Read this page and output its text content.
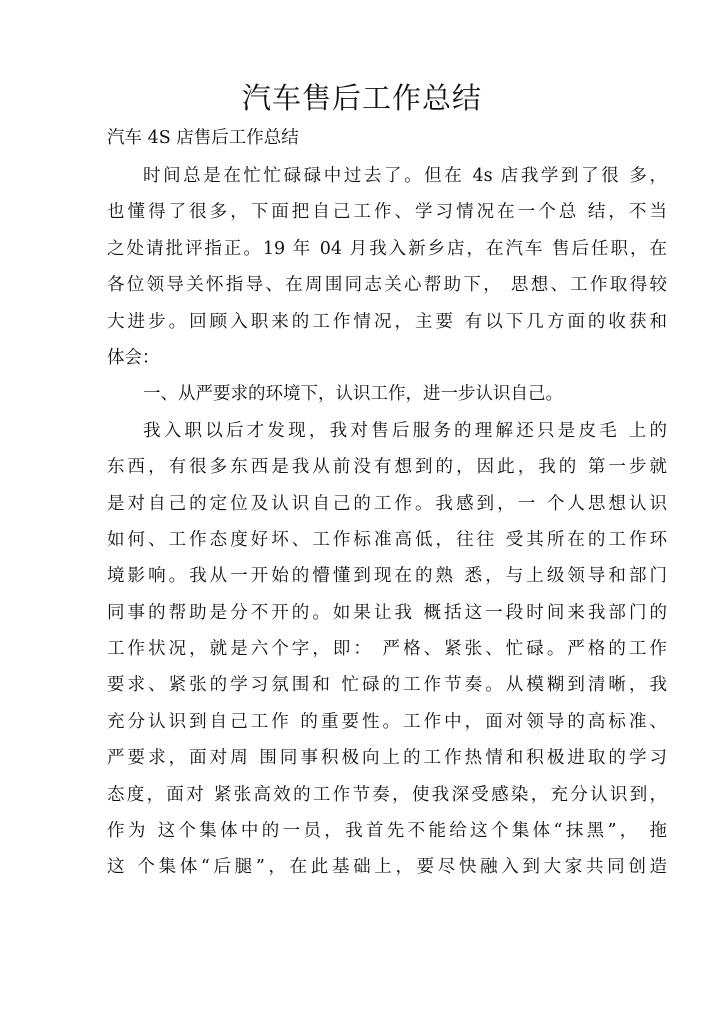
汽车售后工作总结
汽车 4S 店售后工作总结
时间总是在忙忙碌碌中过去了。但在 4s 店我学到了很 多，
也懂得了很多，下面把自己工作、学习情况在一个总 结，不当
之处请批评指正。19 年 04 月我入新乡店，在汽车 售后任职，在
各位领导关怀指导、在周围同志关心帮助下， 思想、工作取得较
大进步。回顾入职来的工作情况，主要 有以下几方面的收获和
体会：
一、从严要求的环境下，认识工作，进一步认识自己。
我入职以后才发现，我对售后服务的理解还只是皮毛 上的
东西，有很多东西是我从前没有想到的，因此，我的 第一步就
是对自己的定位及认识自己的工作。我感到，一 个人思想认识
如何、工作态度好坏、工作标准高低，往往 受其所在的工作环
境影响。我从一开始的懵懂到现在的熟 悉，与上级领导和部门
同事的帮助是分不开的。如果让我 概括这一段时间来我部门的
工作状况，就是六个字，即： 严格、紧张、忙碌。严格的工作
要求、紧张的学习氛围和 忙碌的工作节奏。从模糊到清晰，我
充分认识到自己工作 的重要性。工作中，面对领导的高标准、
严要求，面对周 围同事积极向上的工作热情和积极进取的学习
态度，面对 紧张高效的工作节奏，使我深受感染，充分认识到，
作为 这个集体中的一员，我首先不能给这个集体“抹黑”， 拖
这 个集体“后腿”，在此基础上，要尽快融入到大家共同创造
